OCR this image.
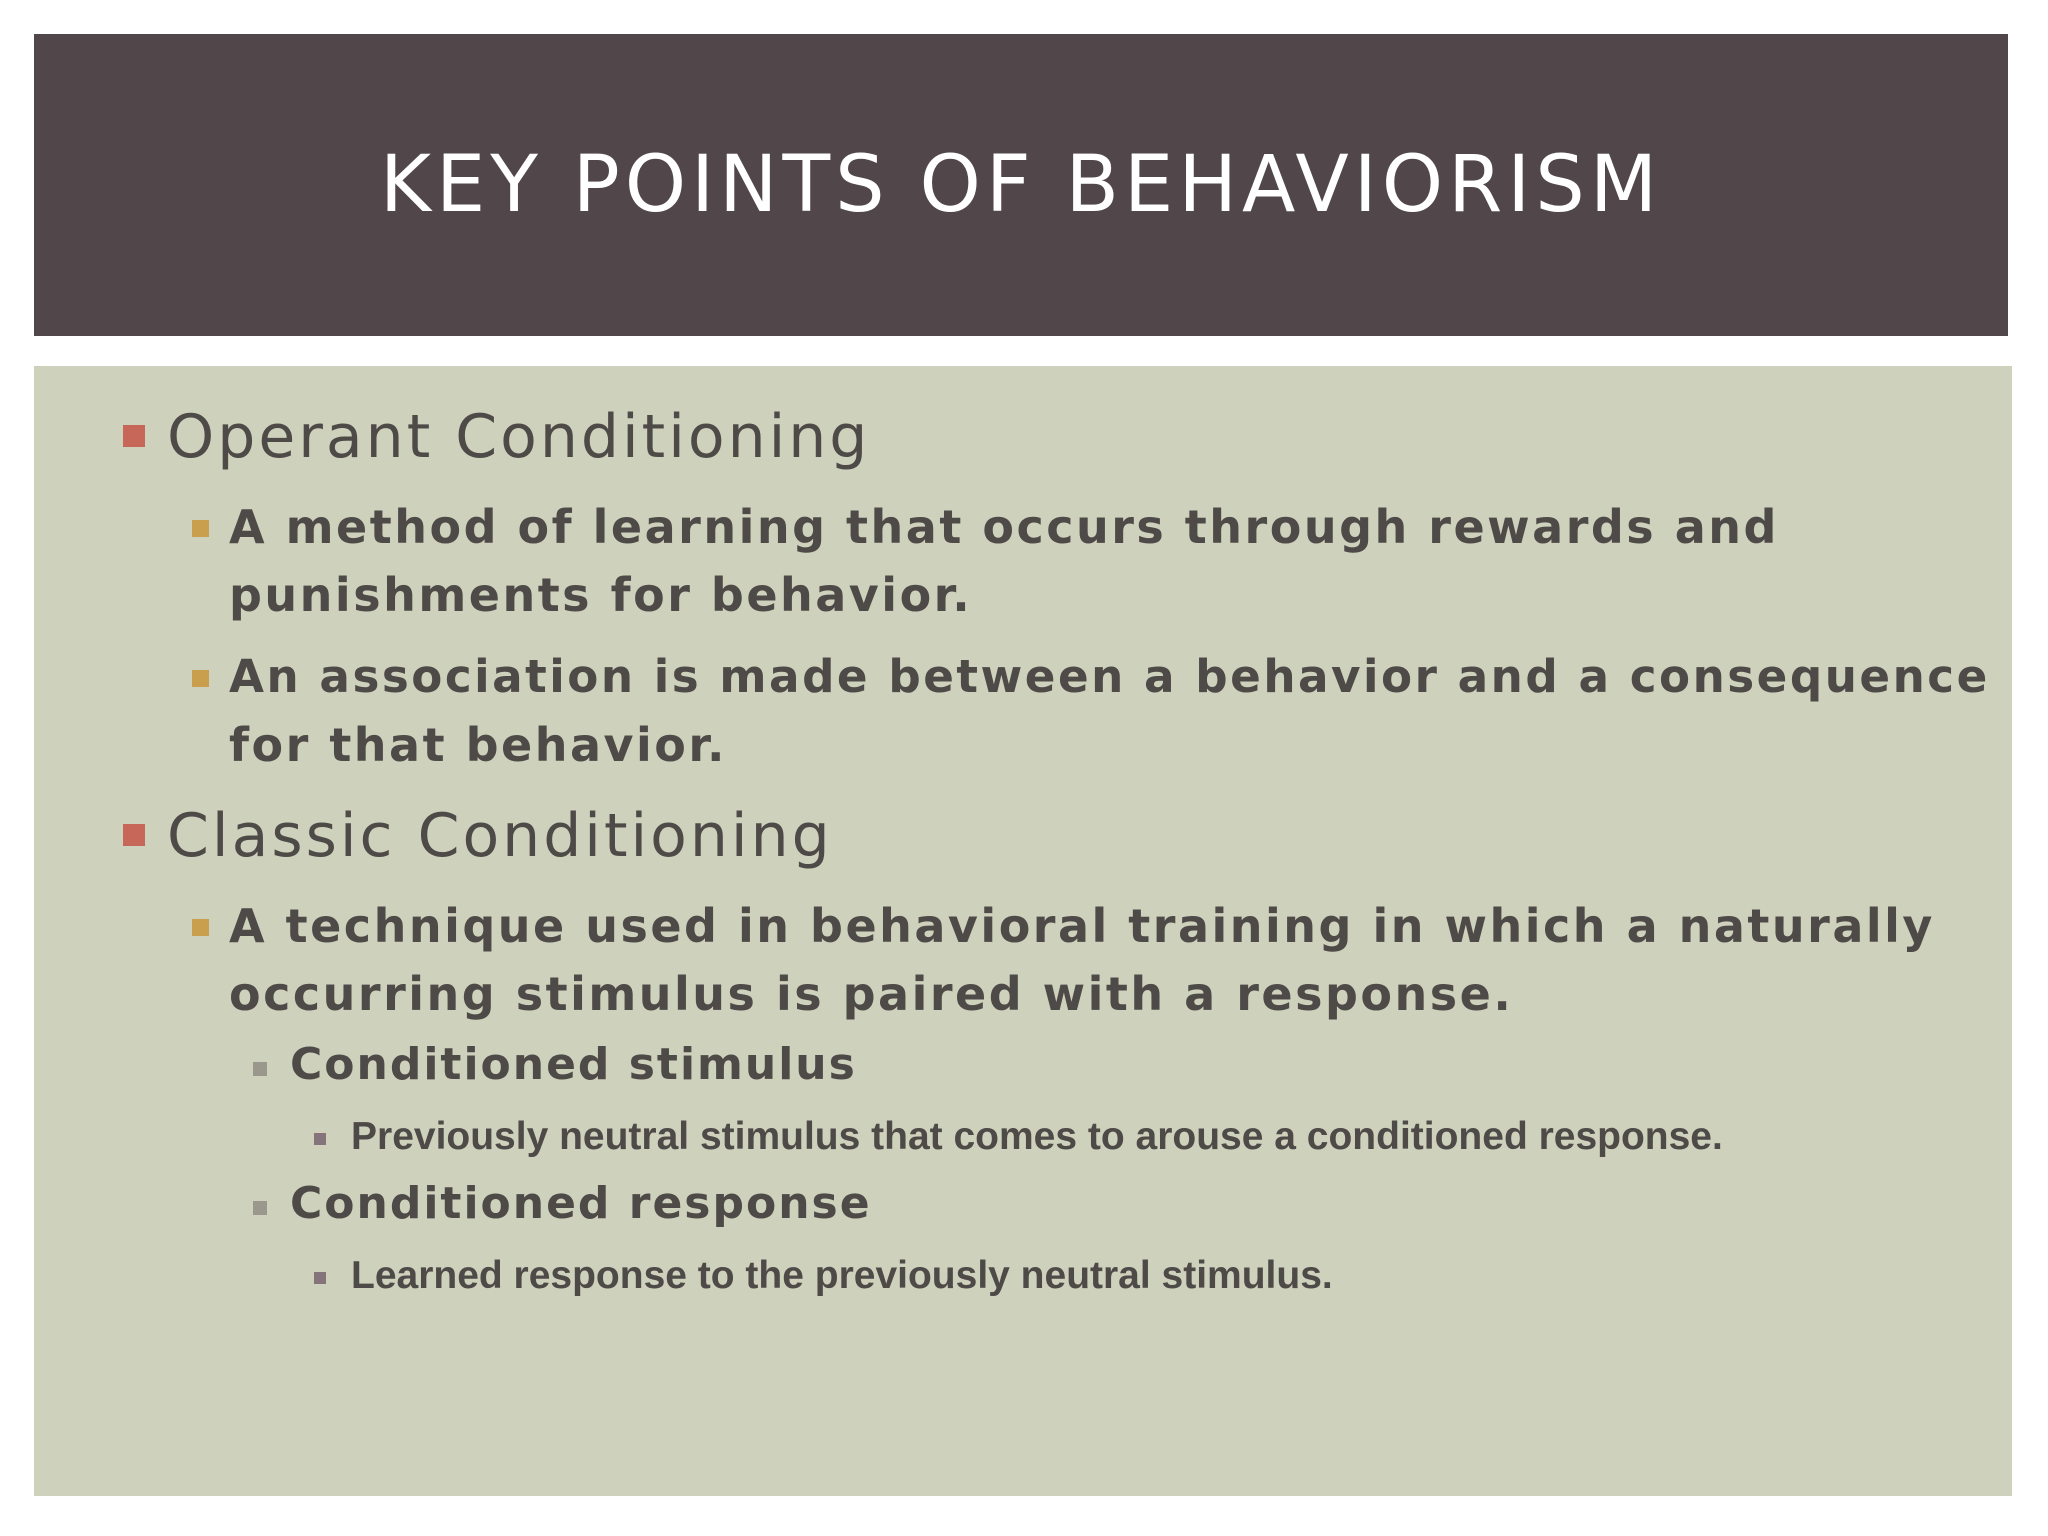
KEY POINTS OF BEHAVIORISM
Operant Conditioning
A method of learning that occurs through rewards and
punishments for behavior.
An association is made between a behavior and a consequence
for that behavior.
Classic Conditioning
A technique used in behavioral training in which a naturally
occurring stimulus is paired with a response.
Conditioned stimulus
Previously neutral stimulus that comes to arouse a conditioned response.
Conditioned response
Learned response to the previously neutral stimulus.
